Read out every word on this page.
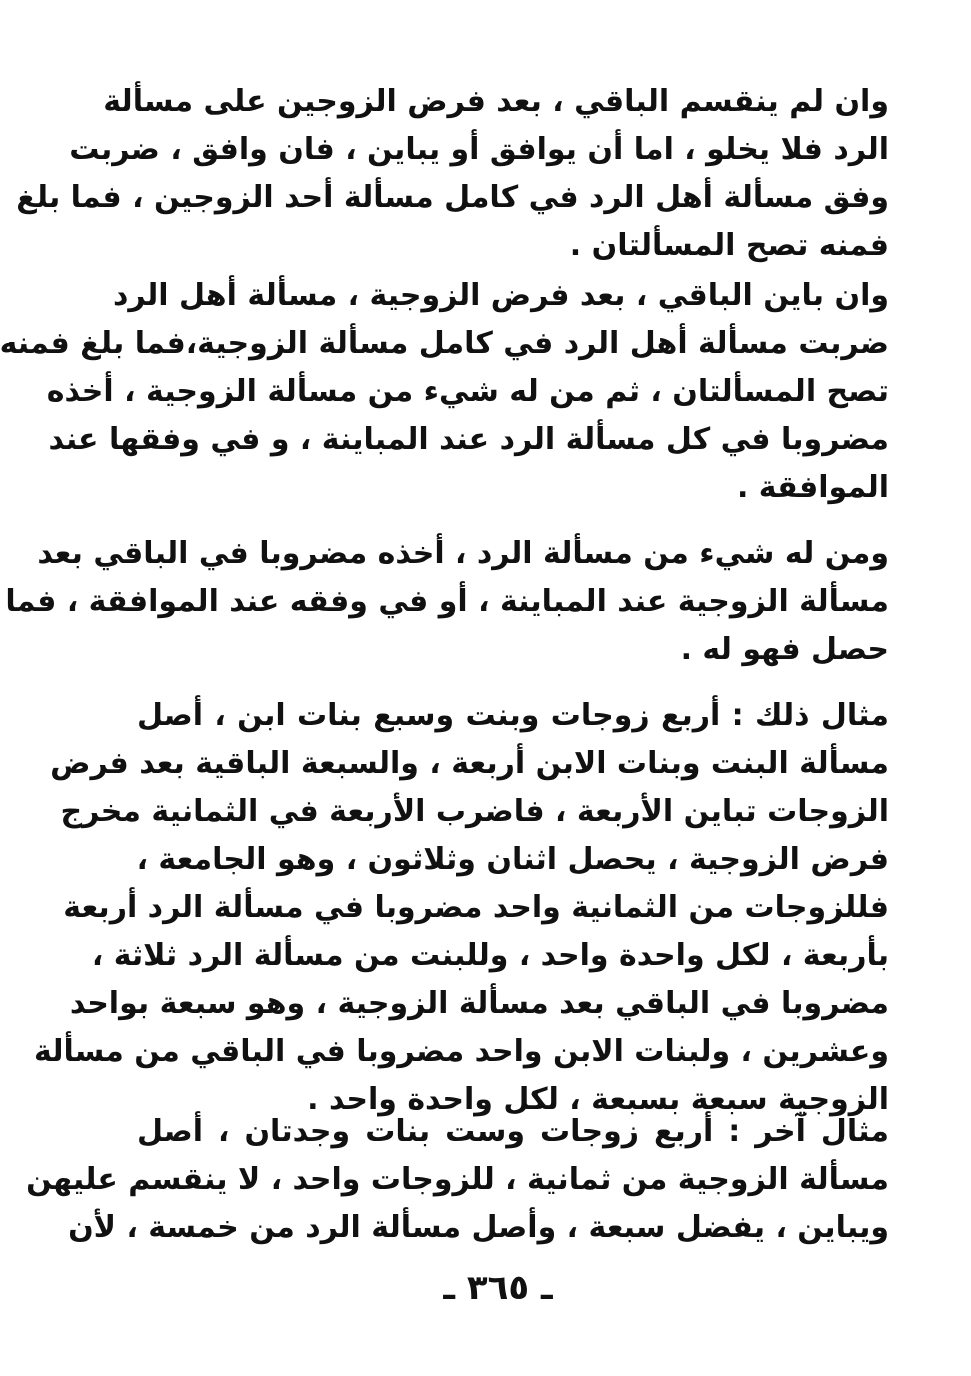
وان لم ينقسم الباقي ، بعد فرض الزوجين على مسألة
الرد فلا يخلو ، اما أن يوافق أو يباين ، فان وافق ، ضربت
وفق مسألة أهل الرد في كامل مسألة أحد الزوجين ، فما بلغ
فمنه تصح المسألتان .
وان باين الباقي ، بعد فرض الزوجية ، مسألة أهل الرد
ضربت مسألة أهل الرد في كامل مسألة الزوجية،فما بلغ فمنه
تصح المسألتان ، ثم من له شيء من مسألة الزوجية ، أخذه
مضروبا في كل مسألة الرد عند المباينة ، و في وفقها عند
الموافقة .
ومن له شيء من مسألة الرد ، أخذه مضروبا في الباقي بعد
مسألة الزوجية عند المباينة ، أو في وفقه عند الموافقة ، فما
حصل فهو له .
مثال ذلك : أربع زوجات وبنت وسبع بنات ابن ، أصل
مسألة البنت وبنات الابن أربعة ، والسبعة الباقية بعد فرض
الزوجات تباين الأربعة ، فاضرب الأربعة في الثمانية مخرج
فرض الزوجية ، يحصل اثنان وثلاثون ، وهو الجامعة ،
فللزوجات من الثمانية واحد مضروبا في مسألة الرد أربعة
بأربعة ، لكل واحدة واحد ، وللبنت من مسألة الرد ثلاثة ،
مضروبا في الباقي بعد مسألة الزوجية ، وهو سبعة بواحد
وعشرين ، ولبنات الابن واحد مضروبا في الباقي من مسألة
الزوجية سبعة بسبعة ، لكل واحدة واحد .
مثال آخر : أربع زوجات وست بنات وجدتان ، أصل
مسألة الزوجية من ثمانية ، للزوجات واحد ، لا ينقسم عليهن
ويباين ، يفضل سبعة ، وأصل مسألة الرد من خمسة ، لأن
ـ ٣٦٥ ـ
